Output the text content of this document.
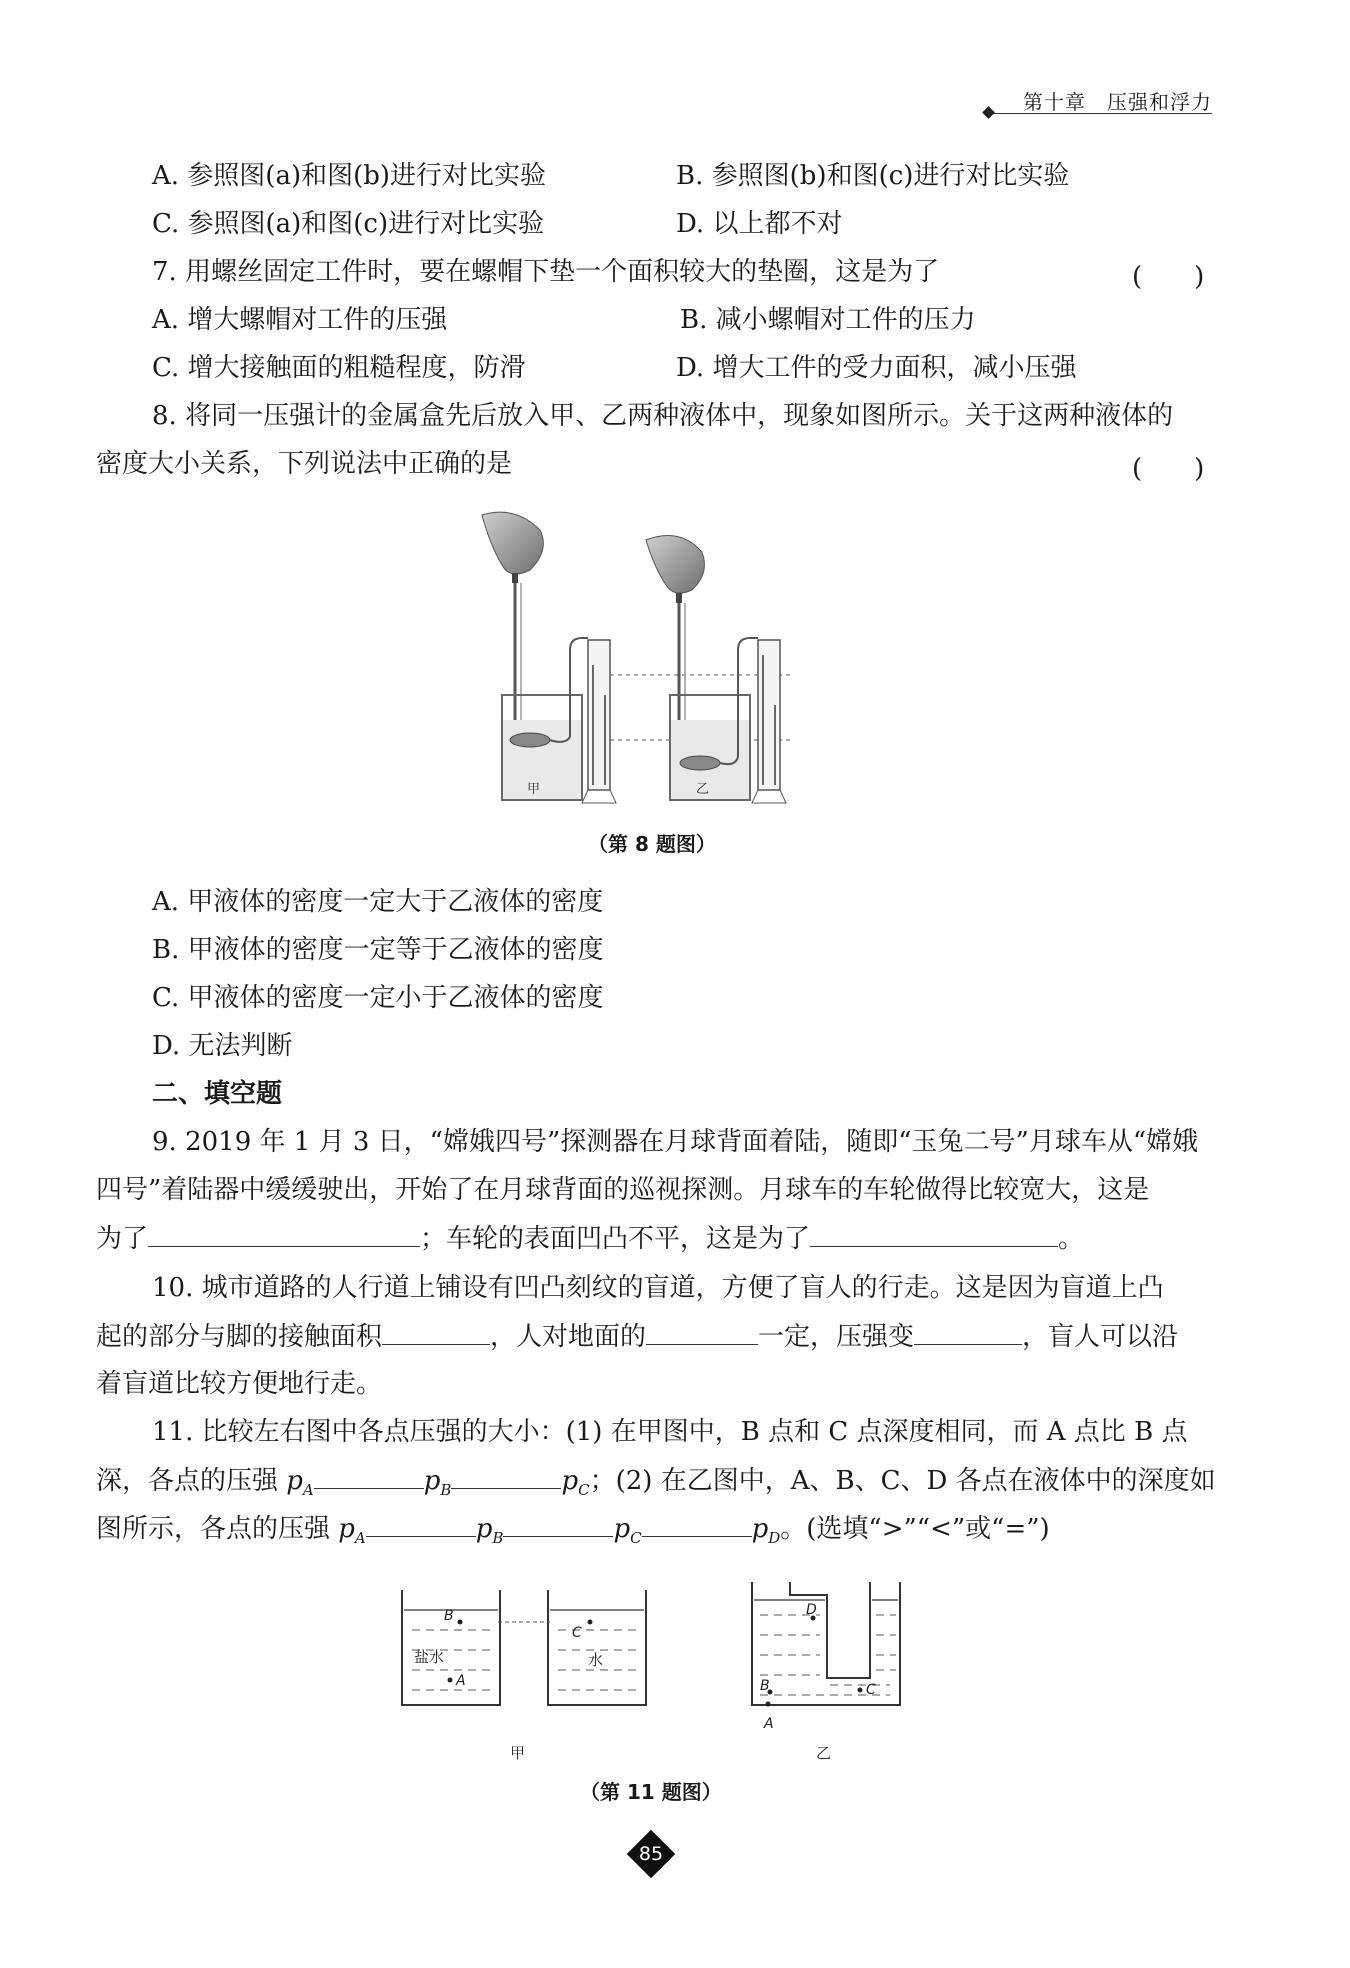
第十章　压强和浮力
A. 参照图(a)和图(b)进行对比实验	B. 参照图(b)和图(c)进行对比实验
C. 参照图(a)和图(c)进行对比实验	D. 以上都不对
7. 用螺丝固定工件时，要在螺帽下垫一个面积较大的垫圈，这是为了	(　　)
A. 增大螺帽对工件的压强	B. 减小螺帽对工件的压力
C. 增大接触面的粗糙程度，防滑	D. 增大工件的受力面积，减小压强
8. 将同一压强计的金属盒先后放入甲、乙两种液体中，现象如图所示。关于这两种液体的
密度大小关系，下列说法中正确的是	(　　)
甲	乙
（第 8 题图）
A. 甲液体的密度一定大于乙液体的密度
B. 甲液体的密度一定等于乙液体的密度
C. 甲液体的密度一定小于乙液体的密度
D. 无法判断
二、填空题
9. 2019 年 1 月 3 日，“嫦娥四号”探测器在月球背面着陆，随即“玉兔二号”月球车从“嫦娥
四号”着陆器中缓缓驶出，开始了在月球背面的巡视探测。月球车的车轮做得比较宽大，这是
为了	；车轮的表面凹凸不平，这是为了	。
10. 城市道路的人行道上铺设有凹凸刻纹的盲道，方便了盲人的行走。这是因为盲道上凸
起的部分与脚的接触面积	，人对地面的	一定，压强变	，盲人可以沿
着盲道比较方便地行走。
11. 比较左右图中各点压强的大小：(1) 在甲图中，B 点和 C 点深度相同，而 A 点比 B 点
深，各点的压强 $p_A$	$p_B$	$p_C$；(2) 在乙图中，A、B、C、D 各点在液体中的深度如
图所示，各点的压强 $p_A$	$p_B$	$p_C$	$p_D$。(选填“>”“<”或“=”)
B
A
C
D
B
A
C
盐水	水
甲	乙
（第 11 题图）
85
